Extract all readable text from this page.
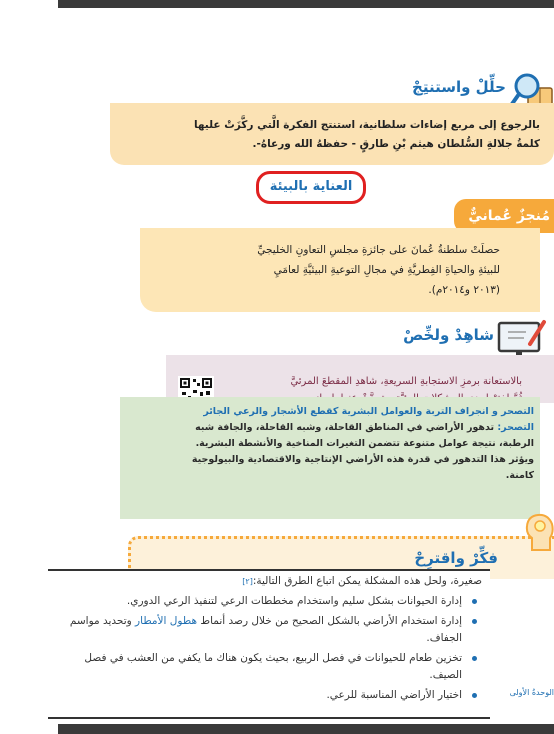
حلِّلْ واستنتِجْ
بالرجوع إلى مربع إضاءات سلطانية، استنتج الفكرة الَّتي ركَّزَتْ عليها
كلمةُ جلالةِ السُّلطان هيثم بْنِ طارقٍ - حفظهُ الله ورعاهُ-.
العناية بالبيئة
مُنجزٌ عُمانيٌّ
حصلَتْ سلطنةُ عُمانَ على جائزةِ مجلسِ التعاونِ الخليجيِّ
للبيئةِ والحياةِ الفِطريَّةِ في مجالِ التوعيةِ البيئيَّةِ لعامَيِ
(٢٠١٣ و٢٠١٤م).
شاهِدْ ولخِّصْ
بالاستعانة برمزِ الاستجابةِ السريعةِ، شاهدِ المقطعَ المرئيَّ
التصحر و انجراف التربة والعوامل البشرية كقطع الأشجار والرعي الجائر
التصحر: تدهور الأراضي في المناطق القاحلة، وشبه القاحلة، والجافة شبه
الرطبة، نتيجة عوامل متنوعة تتضمن التغيرات المناخية والأنشطة البشرية.
ويؤثر هذا التدهور في قدرة هذه الأراضي الإنتاجية والاقتصادية والبيولوجية
كامنة.
فكِّرْ واقترِحْ
صغيرة، ولحل هذه المشكلة يمكن اتباع الطرق التالية:[٢]
إدارة الحيوانات بشكل سليم واستخدام مخططات الرعي لتنفيذ الرعي الدوري.
إدارة استخدام الأراضي بالشكل الصحيح من خلال رصد أنماط هطول الأمطار وتحديد مواسم الجفاف.
تخزين طعام للحيوانات في فصل الربيع، بحيث يكون هناك ما يكفي من العشب في فصل الصيف.
اختيار الأراضي المناسبة للرعي.	الوحدةُ الأولى
